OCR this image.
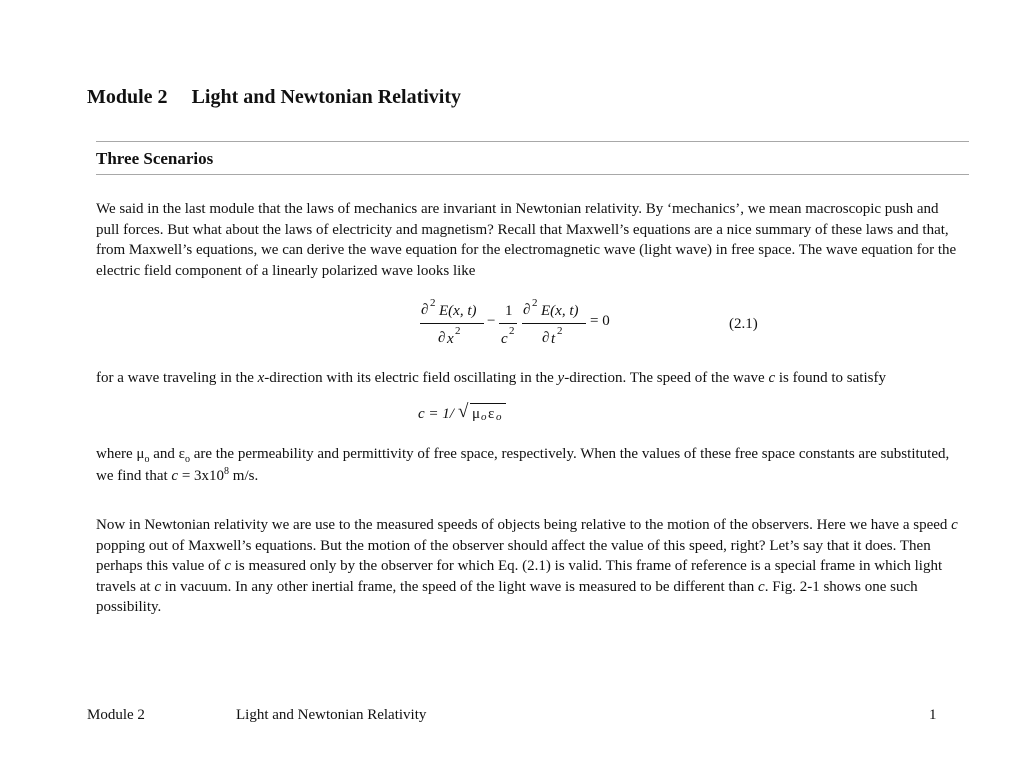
Module 2 Light and Newtonian Relativity
Three Scenarios

We said in the last module that the laws of mechanics are invariant in Newtonian relativity. By ‘mechanics’, we mean macroscopic push and pull forces. But what about the laws of electricity and magnetism? Recall that Maxwell’s equations are a nice summary of these laws and that, from Maxwell’s equations, we can derive the wave equation for the electromagnetic wave (light wave) in free space. The wave equation for the electric field component of a linearly polarized wave looks like

∂ 2 E(x, t)
∂ x 2
−
1
c 2
∂ 2 E(x, t)
∂ t 2
= 0	(2.1)

for a wave traveling in the x-direction with its electric field oscillating in the y-direction. The speed of the wave c is found to satisfy

c = 1/ √ μ o ε o

where $\mu_o$ and $\varepsilon_o$ are the permeability and permittivity of free space, respectively. When the values of these free space constants are substituted, we find that $c = 3x10^8$ m/s.

Now in Newtonian relativity we are use to the measured speeds of objects being relative to the motion of the observers. Here we have a speed c popping out of Maxwell’s equations. But the motion of the observer should affect the value of this speed, right? Let’s say that it does. Then perhaps this value of c is measured only by the observer for which Eq. (2.1) is valid. This frame of reference is a special frame in which light travels at c in vacuum. In any other inertial frame, the speed of the light wave is measured to be different than c. Fig. 2-1 shows one such possibility.

Module 2	Light and Newtonian Relativity	1
